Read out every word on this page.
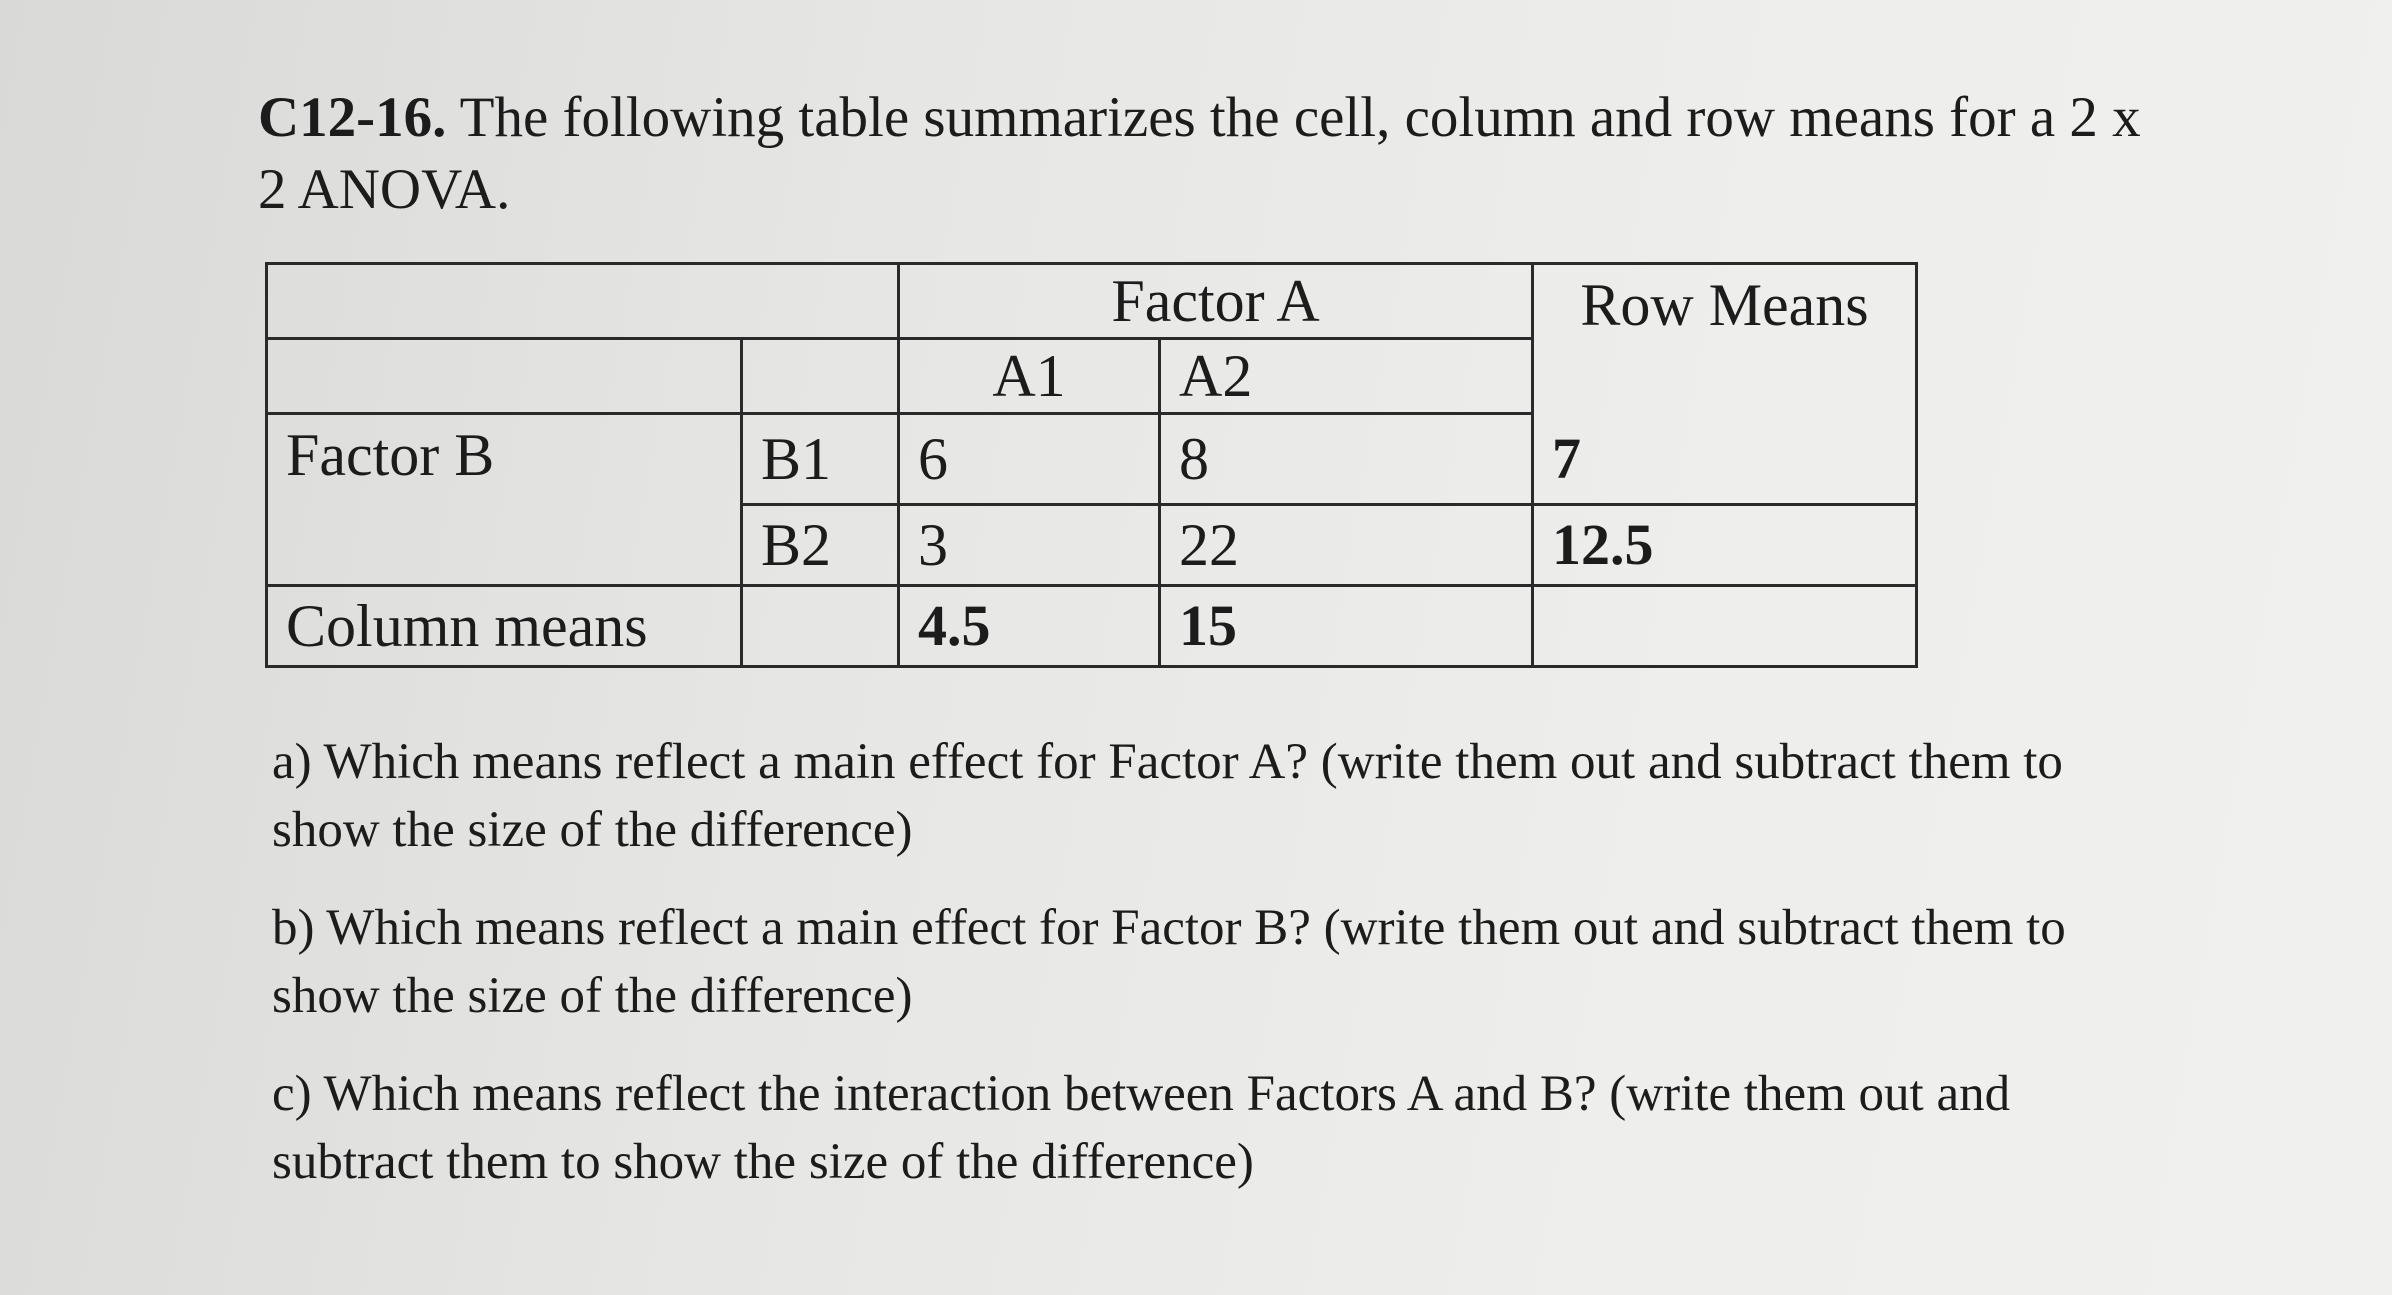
C12-16. The following table summarizes the cell, column and row means for a 2 x 2 ANOVA.
		Factor A		Row Means
		A1	A2	
Factor B	B1	6	8	7
	B2	3	22	12.5
Column means		4.5	15	

a) Which means reflect a main effect for Factor A? (write them out and subtract them to show the size of the difference)

b) Which means reflect a main effect for Factor B? (write them out and subtract them to show the size of the difference)

c) Which means reflect the interaction between Factors A and B? (write them out and subtract them to show the size of the difference)
